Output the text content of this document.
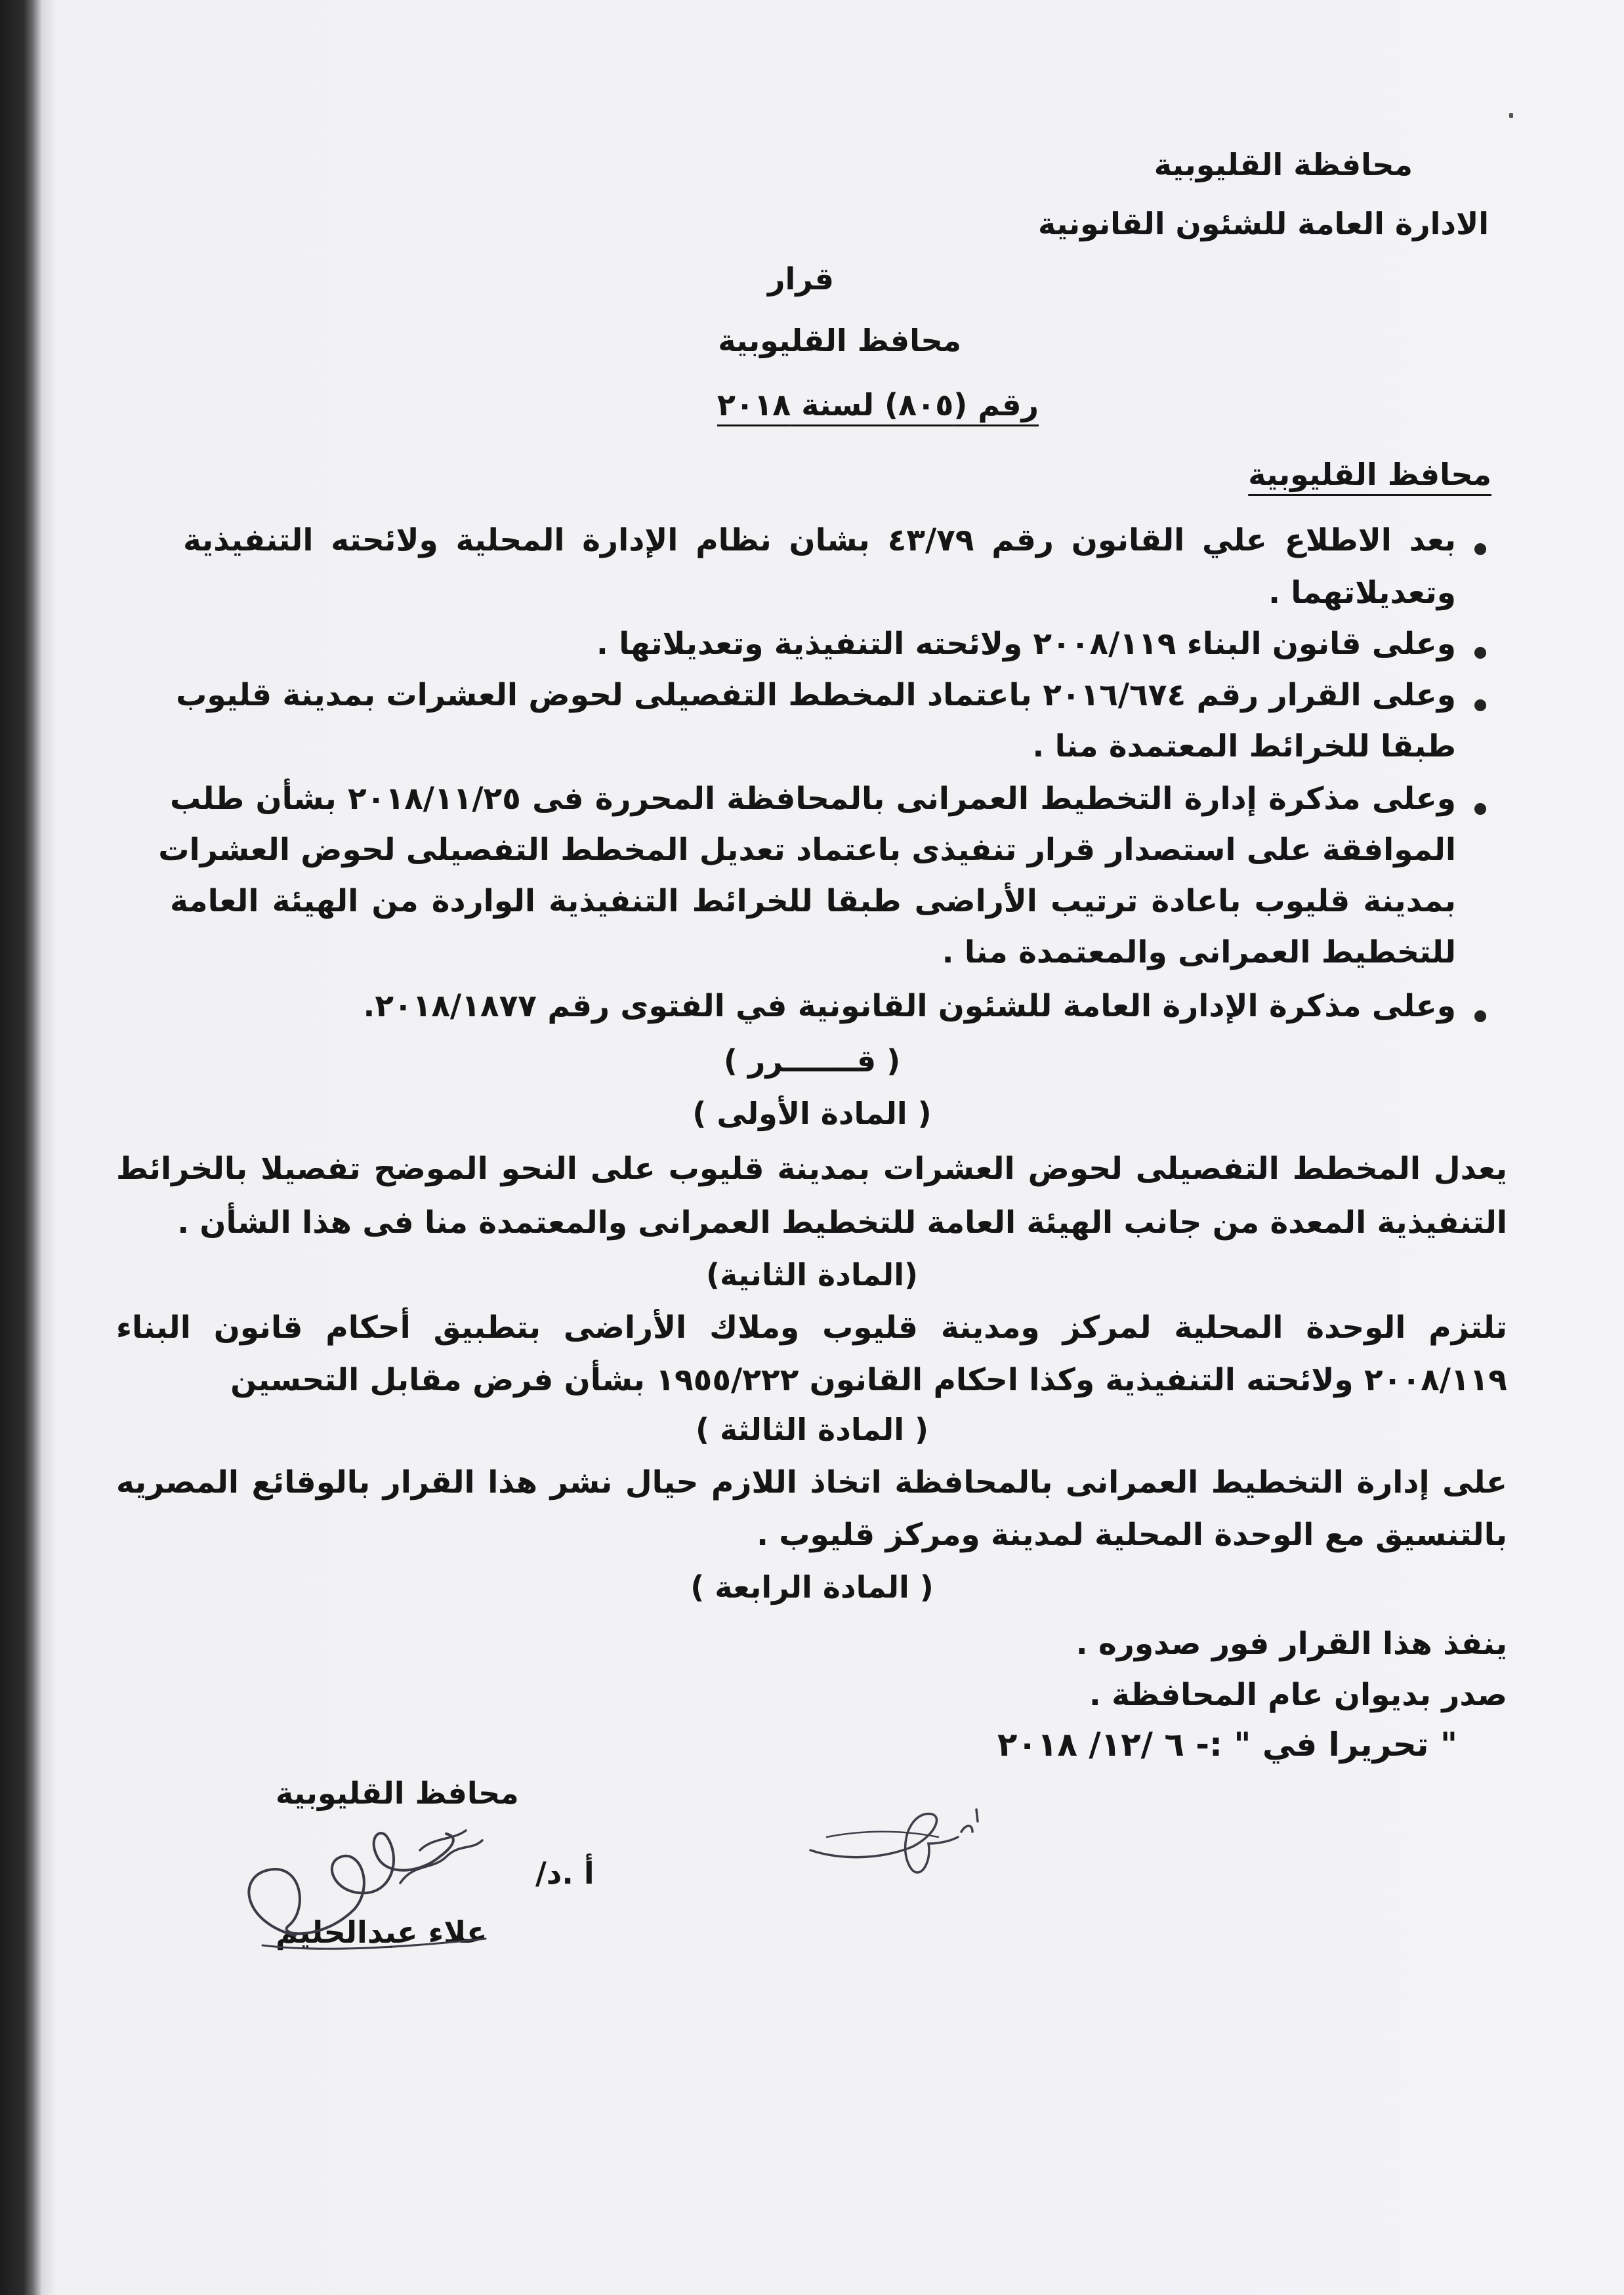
محافظة القليوبية
الادارة العامة للشئون القانونية
قرار
محافظ القليوبية
رقم (٨٠٥) لسنة ٢٠١٨
محافظ القليوبية
بعد الاطلاع علي القانون رقم ٤٣/٧٩ بشان نظام الإدارة المحلية ولائحته التنفيذية
وتعديلاتهما .
وعلى قانون البناء ٢٠٠٨/١١٩ ولائحته التنفيذية وتعديلاتها .
وعلى القرار رقم ٢٠١٦/٦٧٤ باعتماد المخطط التفصيلى لحوض العشرات بمدينة قليوب
طبقا للخرائط المعتمدة منا .
وعلى مذكرة إدارة التخطيط العمرانى بالمحافظة المحررة فى ٢٠١٨/١١/٢٥ بشأن طلب
الموافقة على استصدار قرار تنفيذى باعتماد تعديل المخطط التفصيلى لحوض العشرات
بمدينة قليوب باعادة ترتيب الأراضى طبقا للخرائط التنفيذية الواردة من الهيئة العامة
للتخطيط العمرانى والمعتمدة منا .
وعلى مذكرة الإدارة العامة للشئون القانونية في الفتوى رقم ٢٠١٨/١٨٧٧.
( قـــــــرر )
( المادة الأولى )
يعدل المخطط التفصيلى لحوض العشرات بمدينة قليوب على النحو الموضح تفصيلا بالخرائط
التنفيذية المعدة من جانب الهيئة العامة للتخطيط العمرانى والمعتمدة منا فى هذا الشأن .
(المادة الثانية)
تلتزم الوحدة المحلية لمركز ومدينة قليوب وملاك الأراضى بتطبيق أحكام قانون البناء
٢٠٠٨/١١٩ ولائحته التنفيذية وكذا احكام القانون ١٩٥٥/٢٢٢ بشأن فرض مقابل التحسين
( المادة الثالثة )
على إدارة التخطيط العمرانى بالمحافظة اتخاذ اللازم حيال نشر هذا القرار بالوقائع المصريه
بالتنسيق مع الوحدة المحلية لمدينة ومركز قليوب .
( المادة الرابعة )
ينفذ هذا القرار فور صدوره .
صدر بديوان عام المحافظة .
" تحريرا في " :- ٦ /١٢/ ٢٠١٨
محافظ القليوبية
أ .د/
علاء عبدالحليم
